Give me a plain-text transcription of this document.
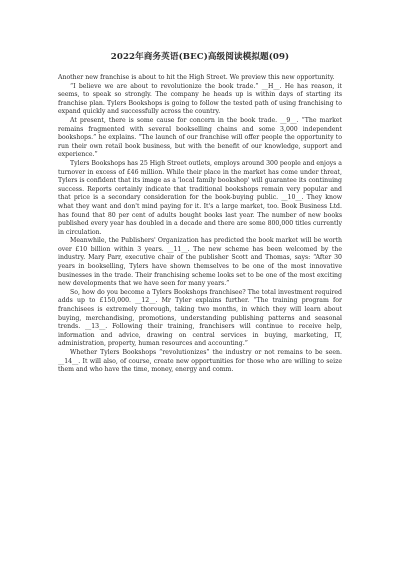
2022年商务英语(BEC)高级阅读模拟题(09)

Another new franchise is about to hit the High Street. We preview this new opportunity.

“I believe we are about to revolutionize the book trade.” __H__. He has reason, it seems, to speak so strongly. The company he heads up is within days of starting its franchise plan. Tylers Bookshops is going to follow the tested path of using franchising to expand quickly and successfully across the country.

At present, there is some cause for concern in the book trade. __9__. “The market remains fragmented with several bookselling chains and some 3,000 independent bookshops.” he explains. “The launch of our franchise will offer people the opportunity to run their own retail book business, but with the benefit of our knowledge, support and experience.”

Tylers Bookshops has 25 High Street outlets, employs around 300 people and enjoys a turnover in excess of £46 million. While their place in the market has come under threat, Tylers is confident that its image as a 'local family bookshop' will guarantee its continuing success. Reports certainly indicate that traditional bookshops remain very popular and that price is a secondary consideration for the book-buying public. __10__. They know what they want and don't mind paying for it. It's a large market, too. Book Business Ltd. has found that 80 per cent of adults bought books last year. The number of new books published every year has doubled in a decade and there are some 800,000 titles currently in circulation.

Meanwhile, the Publishers' Organization has predicted the book market will be worth over £10 billion within 3 years. __11__. The new scheme has been welcomed by the industry. Mary Parr, executive chair of the publisher Scott and Thomas, says: “After 30 years in bookselling, Tylers have shown themselves to be one of the most innovative businesses in the trade. Their franchising scheme looks set to be one of the most exciting new developments that we have seen for many years.”

So, how do you become a Tylers Bookshops franchisee? The total investment required adds up to £150,000. __12__. Mr Tyler explains further. “The training program for franchisees is extremely thorough, taking two months, in which they will learn about buying, merchandising, promotions, understanding publishing patterns and seasonal trends. __13__. Following their training, franchisers will continue to receive help, information and advice, drawing on central services in buying, marketing, IT, administration, property, human resources and accounting.”

Whether Tylers Bookshops “revolutionizes” the industry or not remains to be seen. __14__. It will also, of course, create new opportunities for those who are willing to seize them and who have the time, money, energy and comm.
